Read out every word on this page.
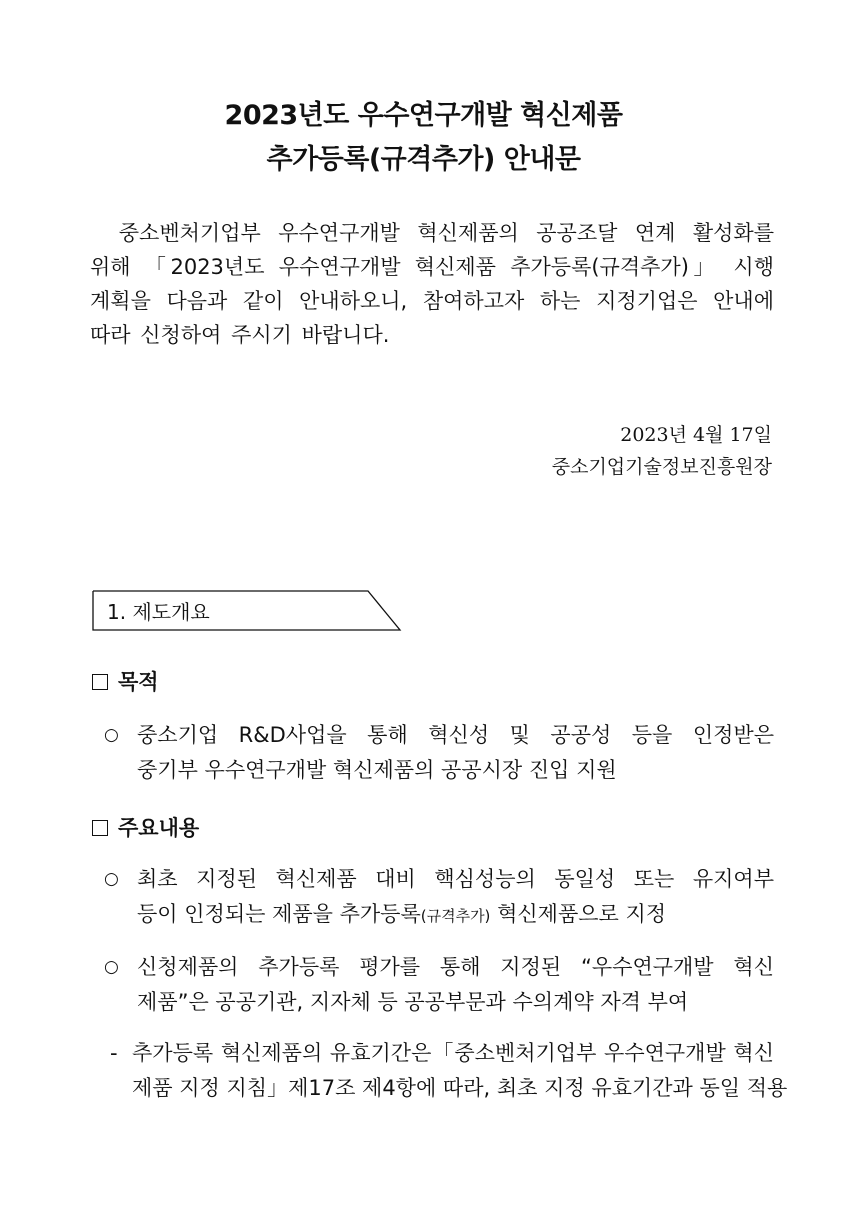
2023년도 우수연구개발 혁신제품
추가등록(규격추가) 안내문
　중소벤처기업부 우수연구개발 혁신제품의 공공조달 연계 활성화를
위해 「2023년도 우수연구개발 혁신제품 추가등록(규격추가)」 시행
계획을 다음과 같이 안내하오니, 참여하고자 하는 지정기업은 안내에
따라 신청하여 주시기 바랍니다.
2023년 4월 17일
중소기업기술정보진흥원장
1. 제도개요
목적
○ 중소기업 R&D사업을 통해 혁신성 및 공공성 등을 인정받은
중기부 우수연구개발 혁신제품의 공공시장 진입 지원
주요내용
○ 최초 지정된 혁신제품 대비 핵심성능의 동일성 또는 유지여부
등이 인정되는 제품을 추가등록(규격추가) 혁신제품으로 지정
○ 신청제품의 추가등록 평가를 통해 지정된 “우수연구개발 혁신
제품”은 공공기관, 지자체 등 공공부문과 수의계약 자격 부여
- 추가등록 혁신제품의 유효기간은「중소벤처기업부 우수연구개발 혁신
제품 지정 지침」제17조 제4항에 따라, 최초 지정 유효기간과 동일 적용
